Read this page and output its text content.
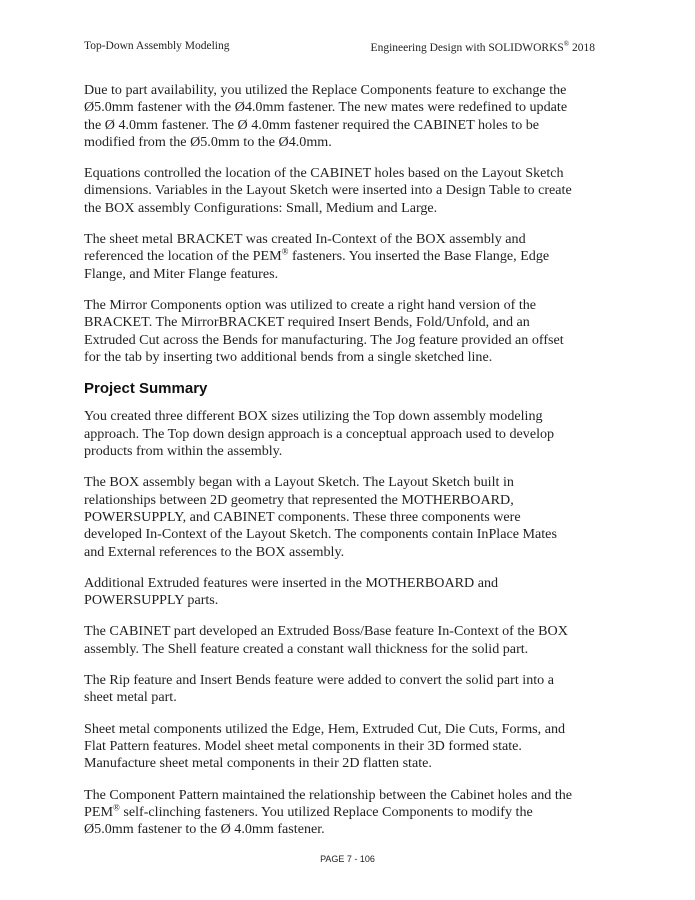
Top-Down Assembly Modeling	Engineering Design with SOLIDWORKS® 2018

Due to part availability, you utilized the Replace Components feature to exchange the Ø5.0mm fastener with the Ø4.0mm fastener. The new mates were redefined to update the Ø 4.0mm fastener. The Ø 4.0mm fastener required the CABINET holes to be modified from the Ø5.0mm to the Ø4.0mm.

Equations controlled the location of the CABINET holes based on the Layout Sketch dimensions. Variables in the Layout Sketch were inserted into a Design Table to create the BOX assembly Configurations: Small, Medium and Large.

The sheet metal BRACKET was created In-Context of the BOX assembly and referenced the location of the PEM® fasteners. You inserted the Base Flange, Edge Flange, and Miter Flange features.

The Mirror Components option was utilized to create a right hand version of the BRACKET. The MirrorBRACKET required Insert Bends, Fold/Unfold, and an Extruded Cut across the Bends for manufacturing. The Jog feature provided an offset for the tab by inserting two additional bends from a single sketched line.

Project Summary

You created three different BOX sizes utilizing the Top down assembly modeling approach. The Top down design approach is a conceptual approach used to develop products from within the assembly.

The BOX assembly began with a Layout Sketch. The Layout Sketch built in relationships between 2D geometry that represented the MOTHERBOARD, POWERSUPPLY, and CABINET components. These three components were developed In-Context of the Layout Sketch. The components contain InPlace Mates and External references to the BOX assembly.

Additional Extruded features were inserted in the MOTHERBOARD and POWERSUPPLY parts.

The CABINET part developed an Extruded Boss/Base feature In-Context of the BOX assembly. The Shell feature created a constant wall thickness for the solid part.

The Rip feature and Insert Bends feature were added to convert the solid part into a sheet metal part.

Sheet metal components utilized the Edge, Hem, Extruded Cut, Die Cuts, Forms, and Flat Pattern features. Model sheet metal components in their 3D formed state. Manufacture sheet metal components in their 2D flatten state.

The Component Pattern maintained the relationship between the Cabinet holes and the PEM® self-clinching fasteners. You utilized Replace Components to modify the Ø5.0mm fastener to the Ø 4.0mm fastener.

PAGE 7 - 106
